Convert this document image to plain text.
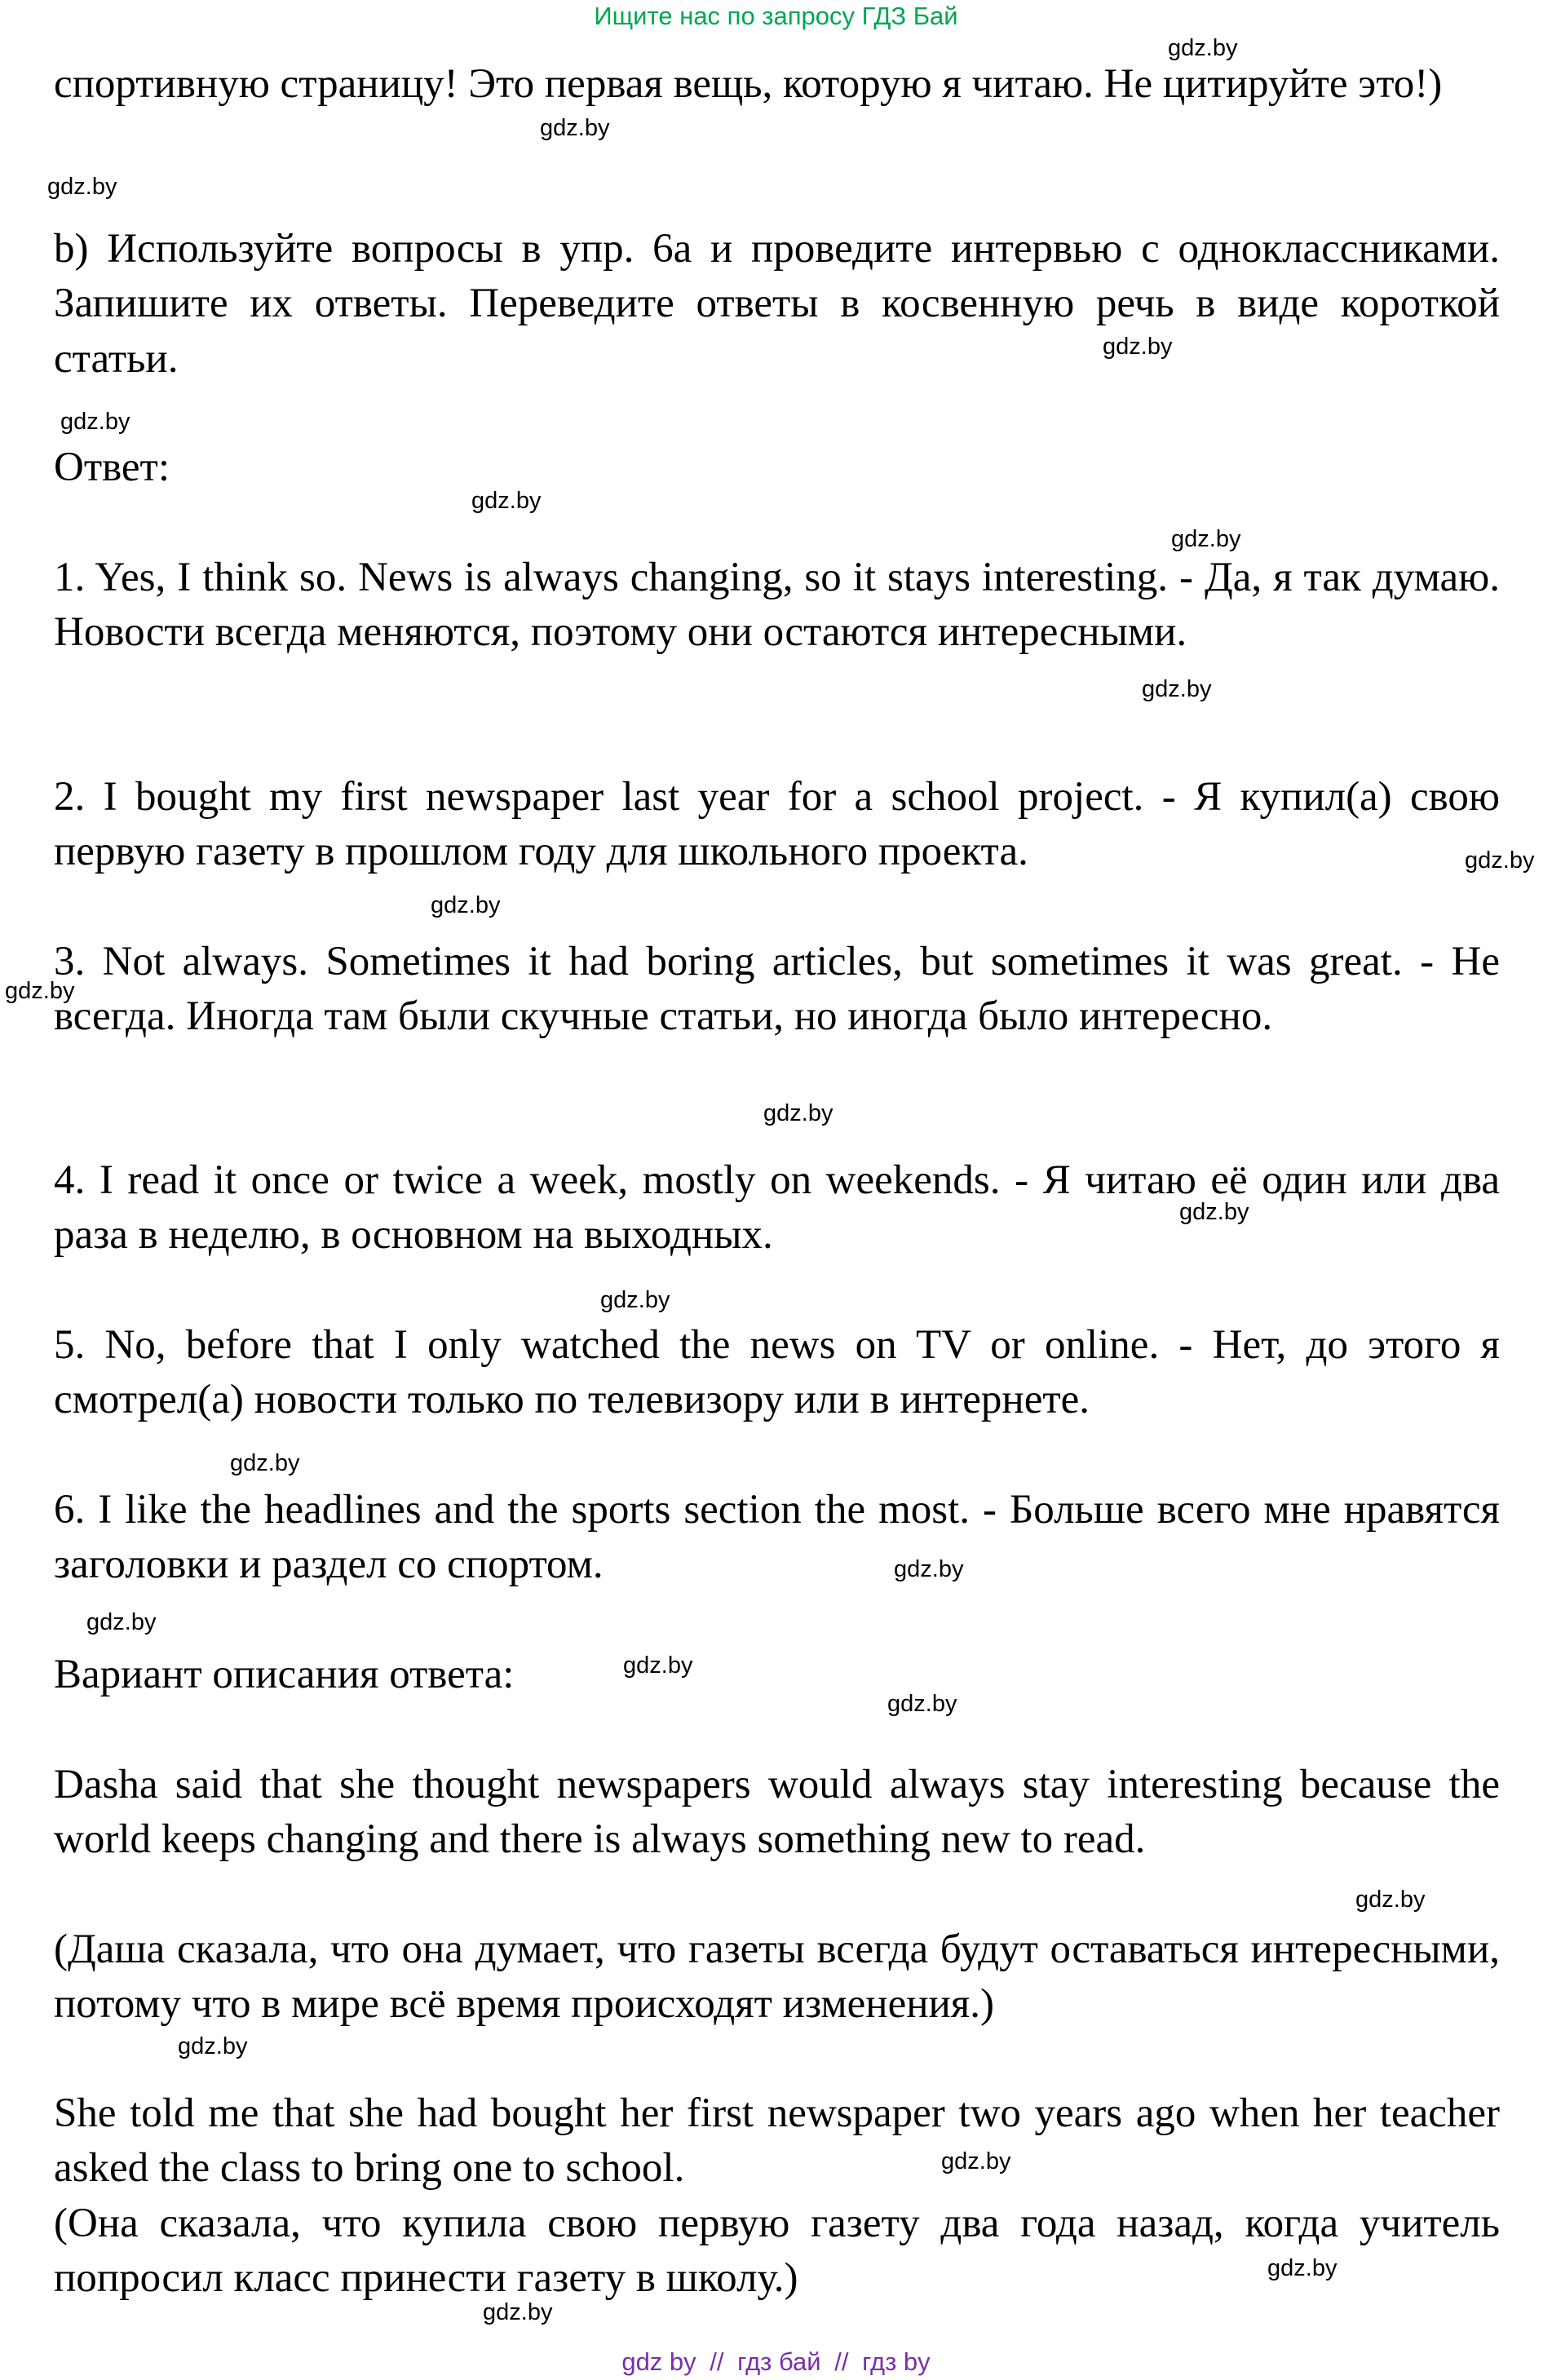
Ищите нас по запросу ГДЗ Бай

спортивную страницу! Это первая вещь, которую я читаю. Не цитируйте это!)

b) Используйте вопросы в упр. 6a и проведите интервью с одноклассниками. Запишите их ответы. Переведите ответы в косвенную речь в виде короткой статьи.

Ответ:

1. Yes, I think so. News is always changing, so it stays interesting. - Да, я так думаю. Новости всегда меняются, поэтому они остаются интересными.

2. I bought my first newspaper last year for a school project. - Я купил(а) свою первую газету в прошлом году для школьного проекта.

3. Not always. Sometimes it had boring articles, but sometimes it was great. - Не всегда. Иногда там были скучные статьи, но иногда было интересно.

4. I read it once or twice a week, mostly on weekends. - Я читаю её один или два раза в неделю, в основном на выходных.

5. No, before that I only watched the news on TV or online. - Нет, до этого я смотрел(а) новости только по телевизору или в интернете.

6. I like the headlines and the sports section the most. - Больше всего мне нравятся заголовки и раздел со спортом.

Вариант описания ответа:

Dasha said that she thought newspapers would always stay interesting because the world keeps changing and there is always something new to read.

(Даша сказала, что она думает, что газеты всегда будут оставаться интересными, потому что в мире всё время происходят изменения.)

She told me that she had bought her first newspaper two years ago when her teacher asked the class to bring one to school.

(Она сказала, что купила свою первую газету два года назад, когда учитель попросил класс принести газету в школу.)

gdz.by
gdz.by
gdz.by
gdz.by
gdz.by
gdz.by
gdz.by
gdz.by
gdz.by
gdz.by
gdz.by
gdz.by
gdz.by
gdz.by
gdz.by
gdz.by
gdz.by
gdz.by
gdz.by
gdz.by
gdz.by
gdz.by
gdz.by
gdz.by
gdz by // гдз бай // гдз by
